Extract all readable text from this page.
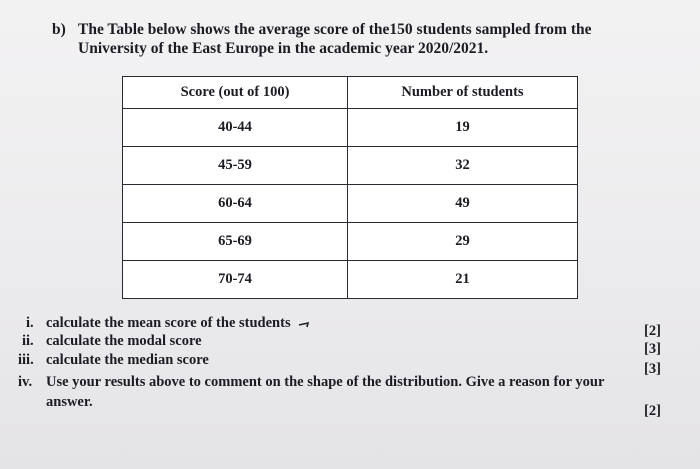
b) The Table below shows the average score of the150 students sampled from the
University of the East Europe in the academic year 2020/2021.
Score (out of 100)	Number of students
40-44	19
45-59	32
60-64	49
65-69	29
70-74	21
i. calculate the mean score of the students	[2]
ii. calculate the modal score	[3]
iii. calculate the median score
[3]
iv. Use your results above to comment on the shape of the distribution. Give a reason for your
answer.
[2]
